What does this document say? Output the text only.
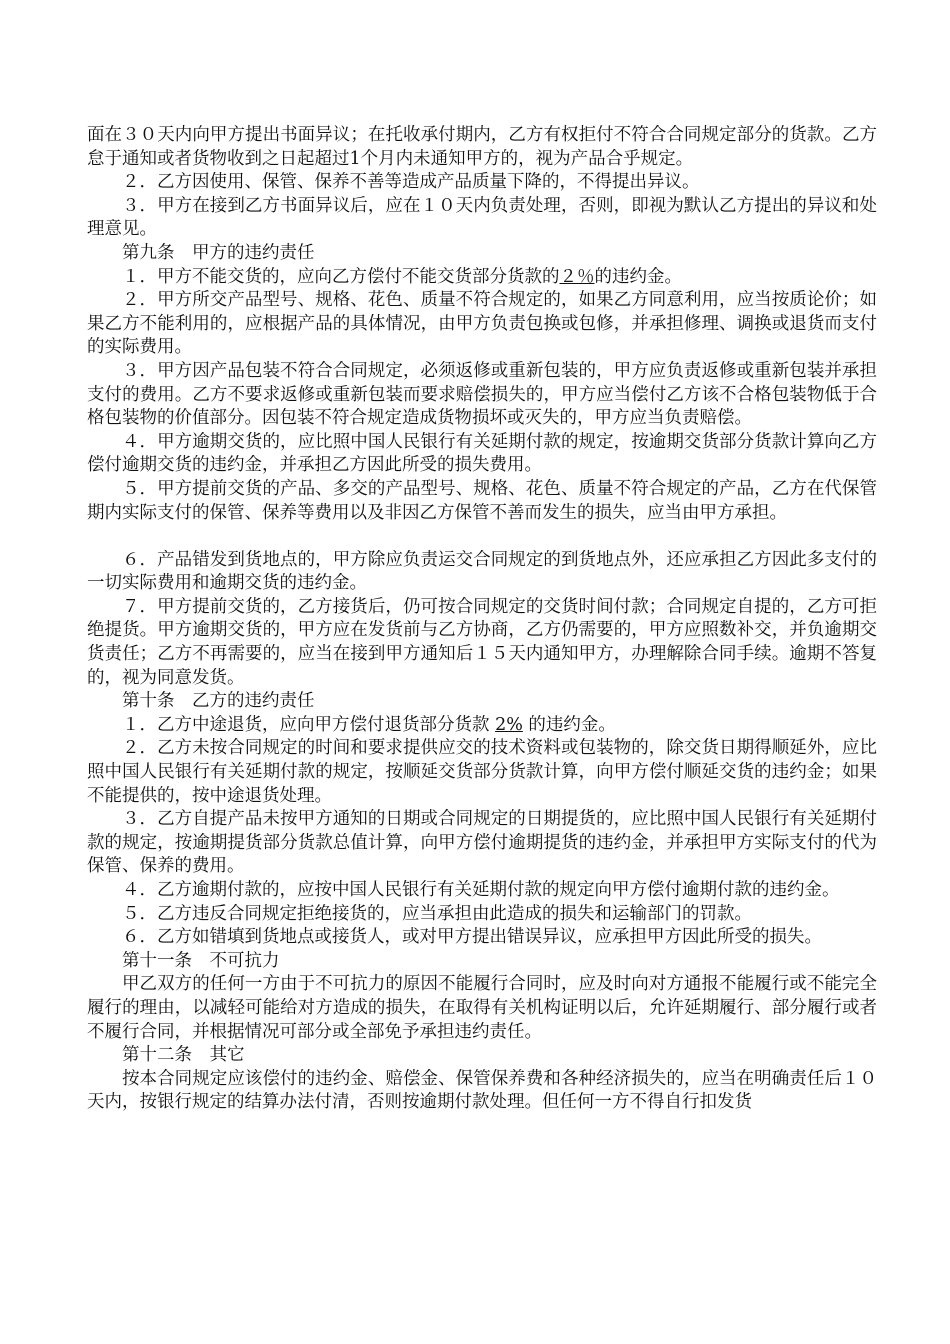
面在３０天内向甲方提出书面异议；在托收承付期内，乙方有权拒付不符合合同规定部分的货款。乙方怠于通知或者货物收到之日起超过1个月内未通知甲方的，视为产品合乎规定。

２．乙方因使用、保管、保养不善等造成产品质量下降的，不得提出异议。

３．甲方在接到乙方书面异议后，应在１０天内负责处理，否则，即视为默认乙方提出的异议和处理意见。

第九条　甲方的违约责任

１．甲方不能交货的，应向乙方偿付不能交货部分货款的２％的违约金。

２．甲方所交产品型号、规格、花色、质量不符合规定的，如果乙方同意利用，应当按质论价；如果乙方不能利用的，应根据产品的具体情况，由甲方负责包换或包修，并承担修理、调换或退货而支付的实际费用。

３．甲方因产品包装不符合合同规定，必须返修或重新包装的，甲方应负责返修或重新包装并承担支付的费用。乙方不要求返修或重新包装而要求赔偿损失的，甲方应当偿付乙方该不合格包装物低于合格包装物的价值部分。因包装不符合规定造成货物损坏或灭失的，甲方应当负责赔偿。

４．甲方逾期交货的，应比照中国人民银行有关延期付款的规定，按逾期交货部分货款计算向乙方偿付逾期交货的违约金，并承担乙方因此所受的损失费用。

５．甲方提前交货的产品、多交的产品型号、规格、花色、质量不符合规定的产品，乙方在代保管期内实际支付的保管、保养等费用以及非因乙方保管不善而发生的损失，应当由甲方承担。

６．产品错发到货地点的，甲方除应负责运交合同规定的到货地点外，还应承担乙方因此多支付的一切实际费用和逾期交货的违约金。

７．甲方提前交货的，乙方接货后，仍可按合同规定的交货时间付款；合同规定自提的，乙方可拒绝提货。甲方逾期交货的，甲方应在发货前与乙方协商，乙方仍需要的，甲方应照数补交，并负逾期交货责任；乙方不再需要的，应当在接到甲方通知后１５天内通知甲方，办理解除合同手续。逾期不答复的，视为同意发货。

第十条　乙方的违约责任

１．乙方中途退货，应向甲方偿付退货部分货款 2% 的违约金。

２．乙方未按合同规定的时间和要求提供应交的技术资料或包装物的，除交货日期得顺延外，应比照中国人民银行有关延期付款的规定，按顺延交货部分货款计算，向甲方偿付顺延交货的违约金；如果不能提供的，按中途退货处理。

３．乙方自提产品未按甲方通知的日期或合同规定的日期提货的，应比照中国人民银行有关延期付款的规定，按逾期提货部分货款总值计算，向甲方偿付逾期提货的违约金，并承担甲方实际支付的代为保管、保养的费用。

４．乙方逾期付款的，应按中国人民银行有关延期付款的规定向甲方偿付逾期付款的违约金。

５．乙方违反合同规定拒绝接货的，应当承担由此造成的损失和运输部门的罚款。

６．乙方如错填到货地点或接货人，或对甲方提出错误异议，应承担甲方因此所受的损失。

第十一条　不可抗力

甲乙双方的任何一方由于不可抗力的原因不能履行合同时，应及时向对方通报不能履行或不能完全履行的理由，以减轻可能给对方造成的损失，在取得有关机构证明以后，允许延期履行、部分履行或者不履行合同，并根据情况可部分或全部免予承担违约责任。

第十二条　其它

按本合同规定应该偿付的违约金、赔偿金、保管保养费和各种经济损失的，应当在明确责任后１０天内，按银行规定的结算办法付清，否则按逾期付款处理。但任何一方不得自行扣发货
